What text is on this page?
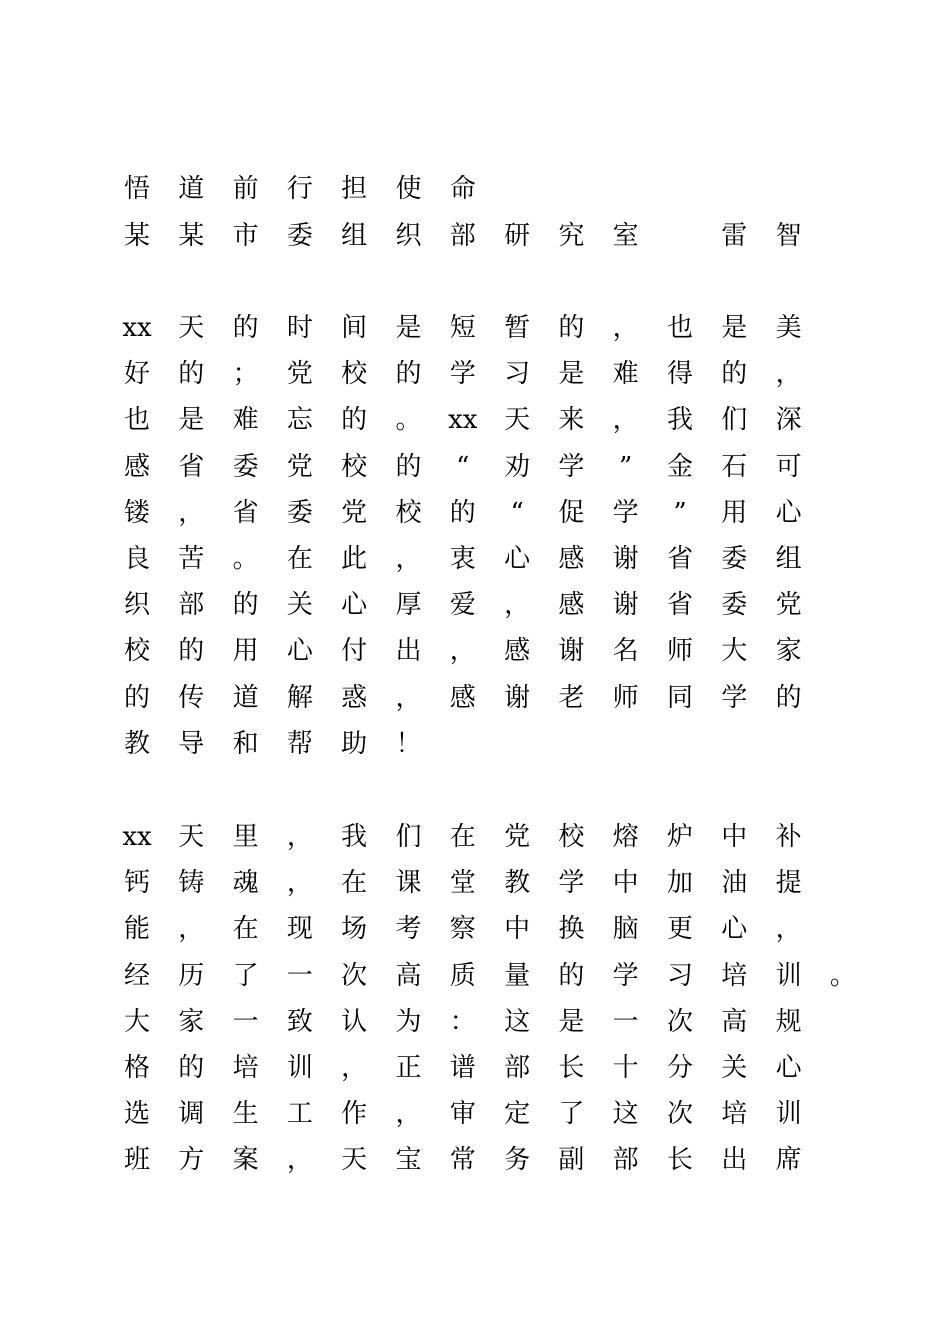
悟 道 前 行 担 使 命
某 某 市 委 组 织 部 研 究 室	雷 智
xx 天 的 时 间 是 短 暂 的 ， 也 是 美
好 的 ； 党 校 的 学 习 是 难 得 的 ，
也 是 难 忘 的 。 xx 天 来 ， 我 们 深
感 省 委 党 校 的	“	劝 学	”	金 石 可
镂 ， 省 委 党 校 的	“	促 学	”	用 心
良 苦 。 在 此 ， 衷 心 感 谢 省 委 组
织 部 的 关 心 厚 爱 ， 感 谢 省 委 党
校 的 用 心 付 出 ， 感 谢 名 师 大 家
的 传 道 解 惑 ， 感 谢 老 师 同 学 的
教 导 和 帮 助 ！
xx 天 里 ， 我 们 在 党 校 熔 炉 中 补
钙 铸 魂 ， 在 课 堂 教 学 中 加 油 提
能 ， 在 现 场 考 察 中 换 脑 更 心 ，
经 历 了 一 次 高 质 量 的 学 习 培 训 。
大 家 一 致 认 为 ： 这 是 一 次 高 规
格 的 培 训 ， 正 谱 部 长 十 分 关 心
选 调 生 工 作 ， 审 定 了 这 次 培 训
班 方 案 ， 天 宝 常 务 副 部 长 出 席
